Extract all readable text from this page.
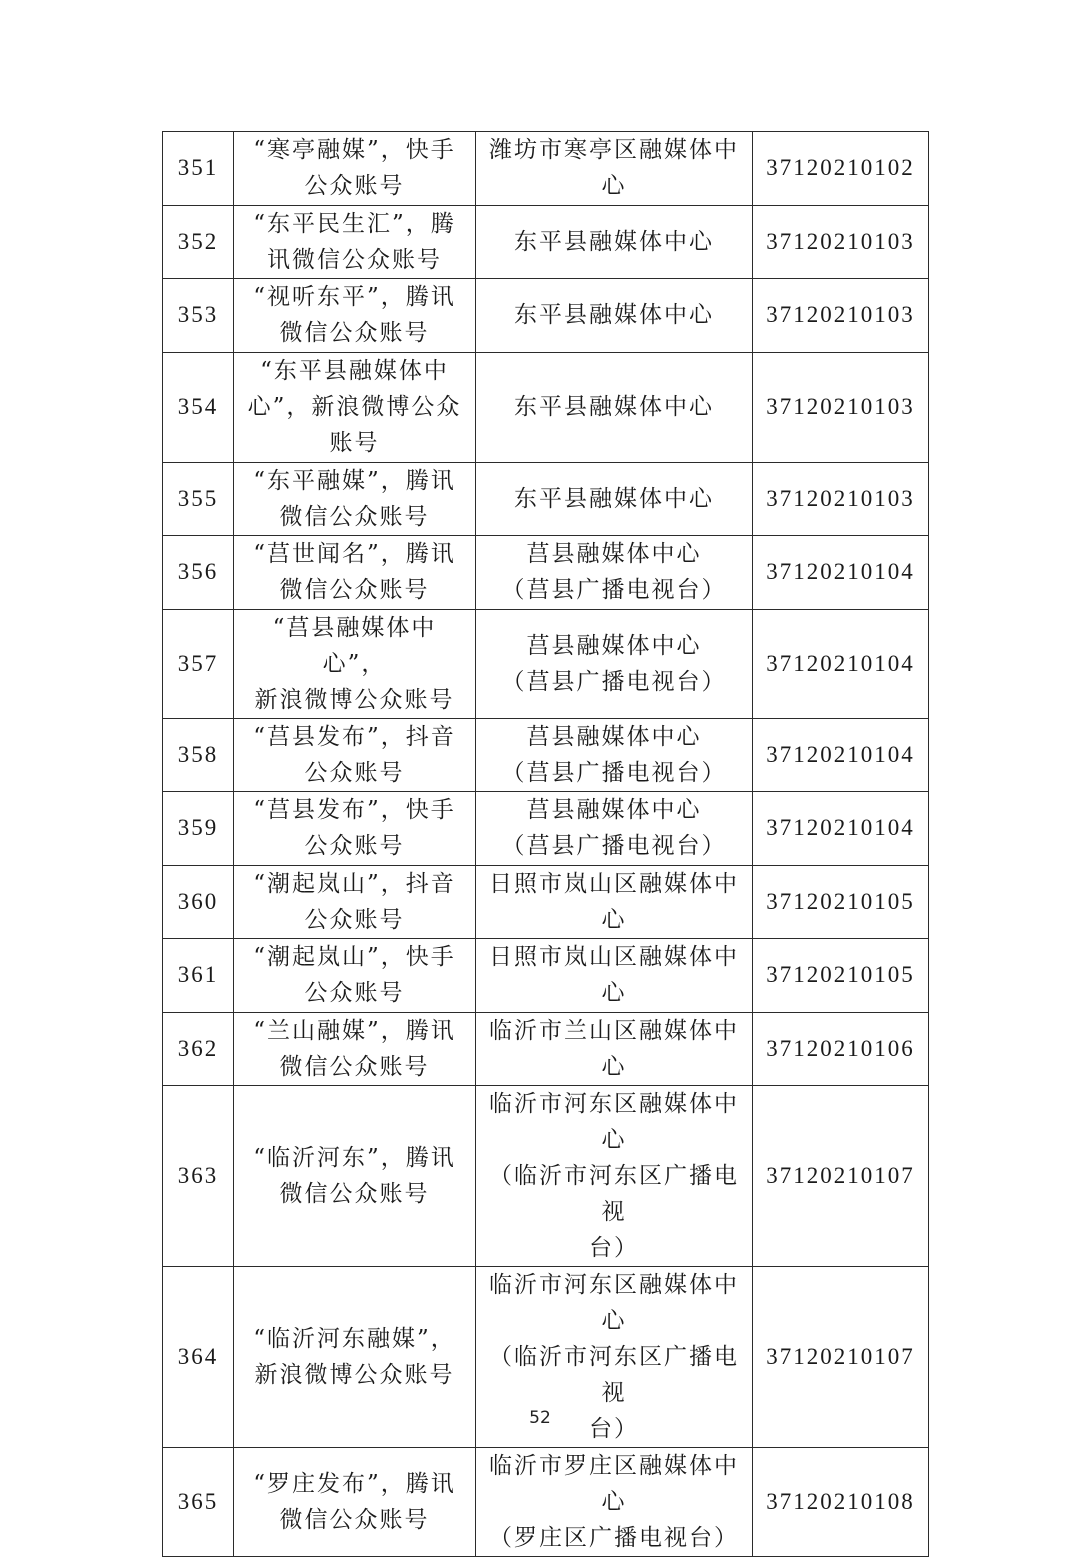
351	“寒亭融媒”，快手
公众账号	潍坊市寒亭区融媒体中心	37120210102
352	“东平民生汇”，腾
讯微信公众账号	东平县融媒体中心	37120210103
353	“视听东平”，腾讯
微信公众账号	东平县融媒体中心	37120210103
354	“东平县融媒体中
心”，新浪微博公众
账号	东平县融媒体中心	37120210103
355	“东平融媒”，腾讯
微信公众账号	东平县融媒体中心	37120210103
356	“莒世闻名”，腾讯
微信公众账号	莒县融媒体中心
（莒县广播电视台）	37120210104
357	“莒县融媒体中心”，
新浪微博公众账号	莒县融媒体中心
（莒县广播电视台）	37120210104
358	“莒县发布”，抖音
公众账号	莒县融媒体中心
（莒县广播电视台）	37120210104
359	“莒县发布”，快手
公众账号	莒县融媒体中心
（莒县广播电视台）	37120210104
360	“潮起岚山”，抖音
公众账号	日照市岚山区融媒体中心	37120210105
361	“潮起岚山”，快手
公众账号	日照市岚山区融媒体中心	37120210105
362	“兰山融媒”，腾讯
微信公众账号	临沂市兰山区融媒体中心	37120210106
363	“临沂河东”，腾讯
微信公众账号	临沂市河东区融媒体中心
（临沂市河东区广播电视
台）	37120210107
364	“临沂河东融媒”，
新浪微博公众账号	临沂市河东区融媒体中心
（临沂市河东区广播电视
台）	37120210107
365	“罗庄发布”，腾讯
微信公众账号	临沂市罗庄区融媒体中心
（罗庄区广播电视台）	37120210108
52
